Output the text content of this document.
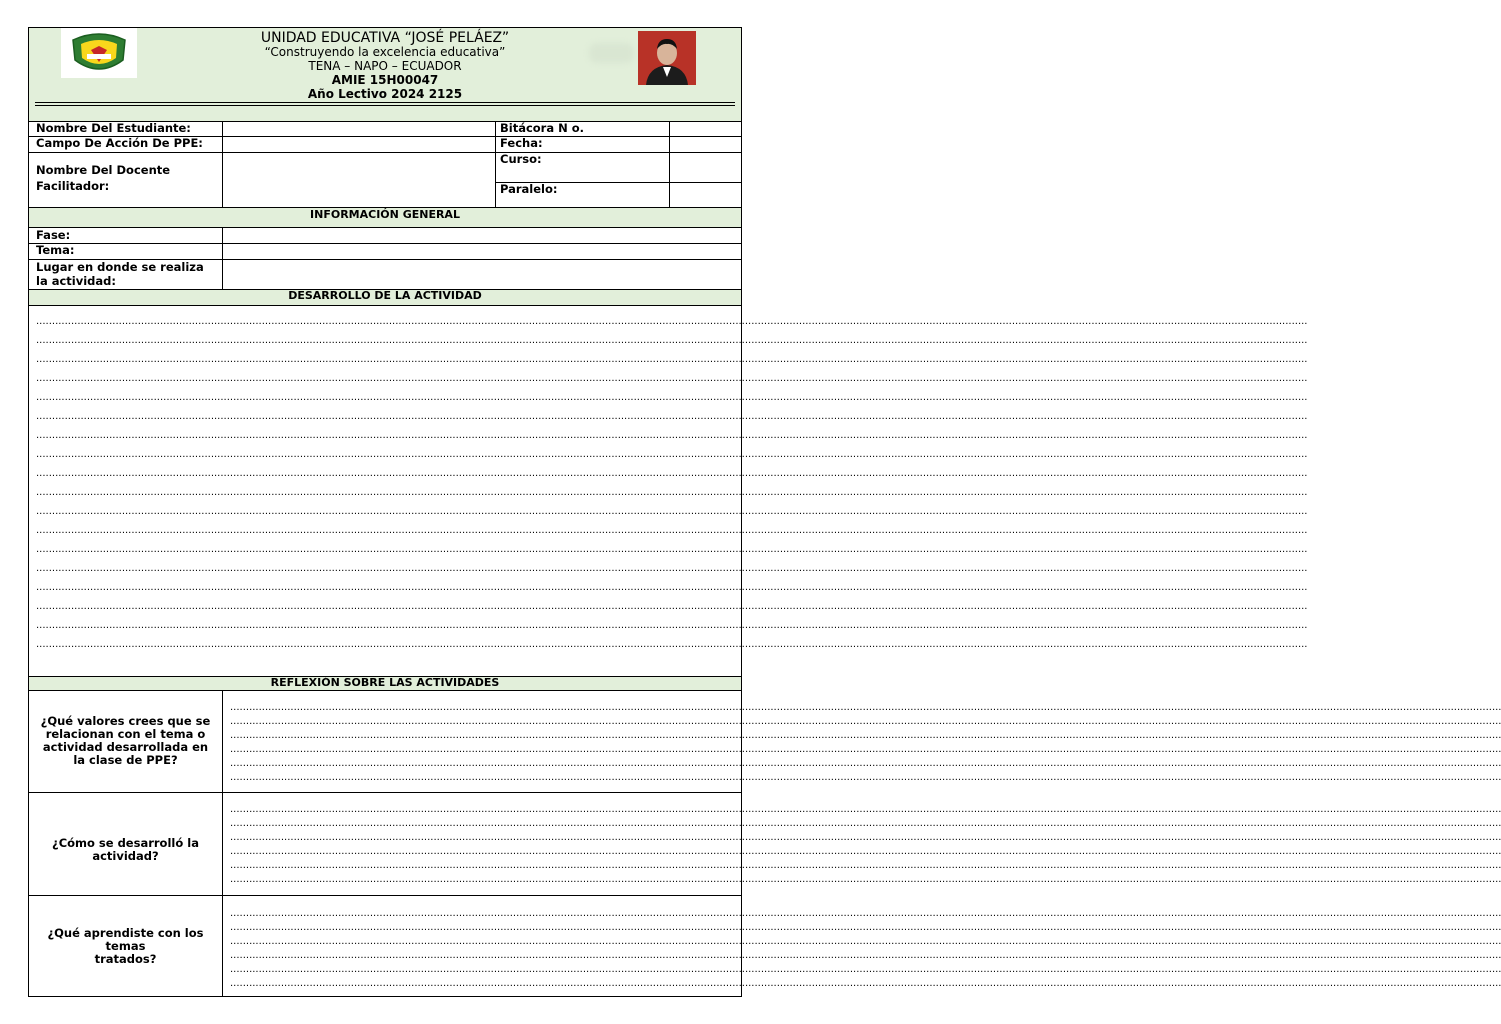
UNIDAD EDUCATIVA “JOSÉ PELÁEZ”
“Construyendo la excelencia educativa”
TENA – NAPO – ECUADOR
AMIE 15H00047
Año Lectivo 2024 2125
Nombre Del Estudiante:
Campo De Acción De PPE:
Nombre Del Docente
Facilitador:
Bitácora N o.
Fecha:
Curso:
Paralelo:
INFORMACIÓN GENERAL
Fase:
Tema:
Lugar en donde se realiza
la actividad:
DESARROLLO DE LA ACTIVIDAD
................................................................................................................................................................................................................................................................................................................................................................................................................
................................................................................................................................................................................................................................................................................................................................................................................................................
................................................................................................................................................................................................................................................................................................................................................................................................................
................................................................................................................................................................................................................................................................................................................................................................................................................
................................................................................................................................................................................................................................................................................................................................................................................................................
................................................................................................................................................................................................................................................................................................................................................................................................................
................................................................................................................................................................................................................................................................................................................................................................................................................
................................................................................................................................................................................................................................................................................................................................................................................................................
................................................................................................................................................................................................................................................................................................................................................................................................................
................................................................................................................................................................................................................................................................................................................................................................................................................
................................................................................................................................................................................................................................................................................................................................................................................................................
................................................................................................................................................................................................................................................................................................................................................................................................................
................................................................................................................................................................................................................................................................................................................................................................................................................
................................................................................................................................................................................................................................................................................................................................................................................................................
................................................................................................................................................................................................................................................................................................................................................................................................................
................................................................................................................................................................................................................................................................................................................................................................................................................
................................................................................................................................................................................................................................................................................................................................................................................................................
................................................................................................................................................................................................................................................................................................................................................................................................................
REFLEXIÓN SOBRE LAS ACTIVIDADES
¿Qué valores crees que se
relacionan con el tema o
actividad desarrollada en
la clase de PPE?
¿Cómo se desarrolló la
actividad?
¿Qué aprendiste con los
temas
tratados?
................................................................................................................................................................................................................................................................................................................................................................................................................
................................................................................................................................................................................................................................................................................................................................................................................................................
................................................................................................................................................................................................................................................................................................................................................................................................................
................................................................................................................................................................................................................................................................................................................................................................................................................
................................................................................................................................................................................................................................................................................................................................................................................................................
................................................................................................................................................................................................................................................................................................................................................................................................................
................................................................................................................................................................................................................................................................................................................................................................................................................
................................................................................................................................................................................................................................................................................................................................................................................................................
................................................................................................................................................................................................................................................................................................................................................................................................................
................................................................................................................................................................................................................................................................................................................................................................................................................
................................................................................................................................................................................................................................................................................................................................................................................................................
................................................................................................................................................................................................................................................................................................................................................................................................................
................................................................................................................................................................................................................................................................................................................................................................................................................
................................................................................................................................................................................................................................................................................................................................................................................................................
................................................................................................................................................................................................................................................................................................................................................................................................................
................................................................................................................................................................................................................................................................................................................................................................................................................
................................................................................................................................................................................................................................................................................................................................................................................................................
................................................................................................................................................................................................................................................................................................................................................................................................................
